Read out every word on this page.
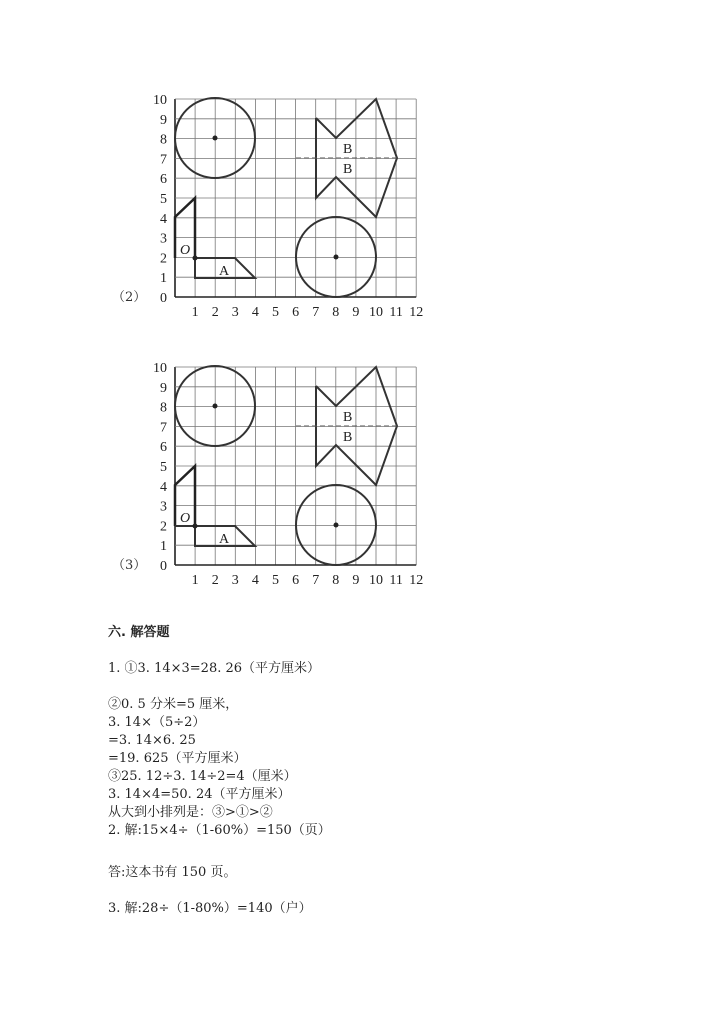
O
A
B
B
0
1
2
3
4
5
6
7
8
9
10
1 2 3 4 5 6 7 8 9 10 11 12
（2）
O
A
B
B
0
1
2
3
4
5
6
7
8
9
10
1 2 3 4 5 6 7 8 9 10 11 12
（3）
六. 解答题
1. ①3. 14×3=28. 26（平方厘米）
②0. 5 分米=5 厘米，
3. 14×（5÷2）
=3. 14×6. 25
=19. 625（平方厘米）
③25. 12÷3. 14÷2=4（厘米）
3. 14×4=50. 24（平方厘米）
从大到小排列是：③>①>②
2. 解:15×4÷（1-60%）=150（页）
答:这本书有 150 页。
3. 解:28÷（1-80%）=140（户）
